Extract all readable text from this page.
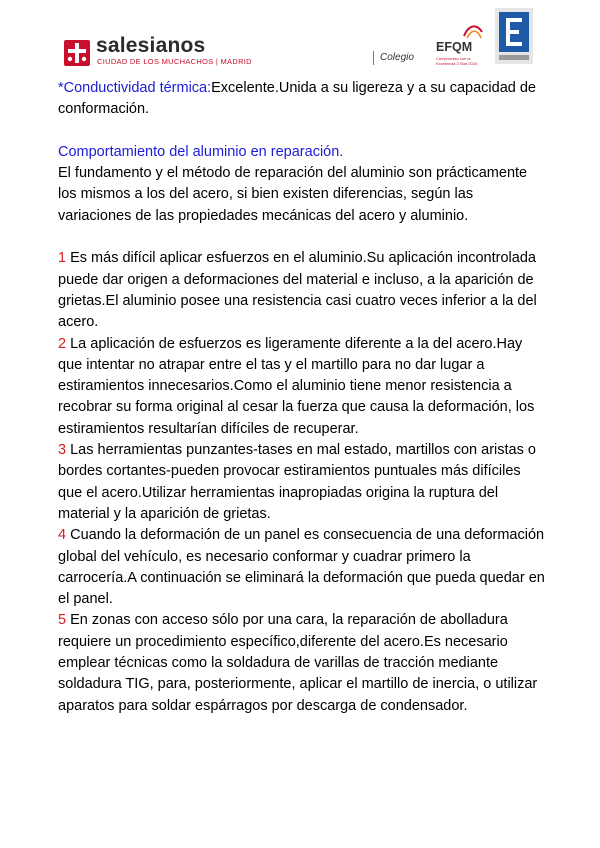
salesianos
CIUDAD DE LOS MUCHACHOS | MADRID	Colegio
EFQM
Compromiso con la Excelencia 2 Star 2024

*Conductividad térmica:Excelente.Unida a su ligereza y a su capacidad de conformación.

Comportamiento del aluminio en reparación.

El fundamento y el método de reparación del aluminio son prácticamente los mismos a los del acero, si bien existen diferencias, según las variaciones de las propiedades mecánicas del acero y aluminio.

1 Es más difícil aplicar esfuerzos en el aluminio.Su aplicación incontrolada puede dar origen a deformaciones del material e incluso, a la aparición de grietas.El aluminio posee una resistencia casi cuatro veces inferior a la del acero.

2 La aplicación de esfuerzos es ligeramente diferente a la del acero.Hay que intentar no atrapar entre el tas y el martillo para no dar lugar a estiramientos innecesarios.Como el aluminio tiene menor resistencia a recobrar su forma original al cesar la fuerza que causa la deformación, los estiramientos resultarían difíciles de recuperar.

3 Las herramientas punzantes-tases en mal estado, martillos con aristas o bordes cortantes-pueden provocar estiramientos puntuales más difíciles que el acero.Utilizar herramientas inapropiadas origina la ruptura del material y la aparición de grietas.

4 Cuando la deformación de un panel es consecuencia de una deformación global del vehículo, es necesario conformar y cuadrar primero la carrocería.A continuación se eliminará la deformación que pueda quedar en el panel.

5 En zonas con acceso sólo por una cara, la reparación de abolladura requiere un procedimiento específico,diferente del acero.Es necesario emplear técnicas como la soldadura de varillas de tracción mediante soldadura TIG, para, posteriormente, aplicar el martillo de inercia, o utilizar aparatos para soldar espárragos por descarga de condensador.
